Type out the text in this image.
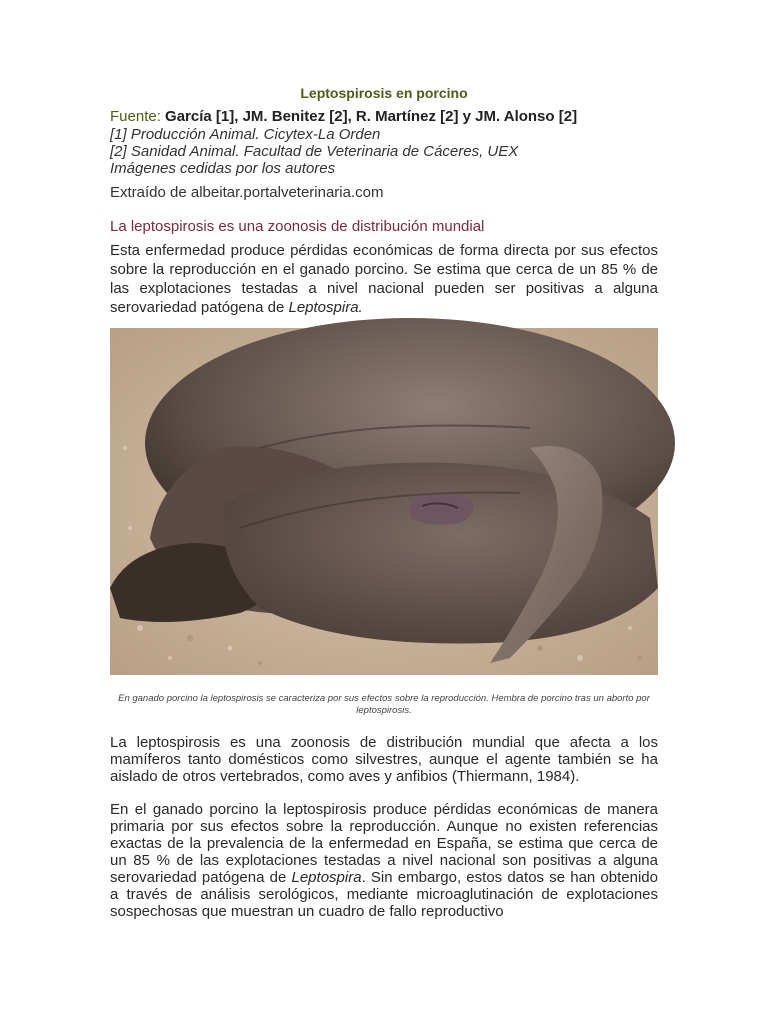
Leptospirosis en porcino

Fuente: García [1], JM. Benitez [2], R. Martínez [2] y JM. Alonso [2]

[1] Producción Animal. Cicytex-La Orden

[2] Sanidad Animal. Facultad de Veterinaria de Cáceres, UEX

Imágenes cedidas por los autores

Extraído de albeitar.portalveterinaria.com

La leptospirosis es una zoonosis de distribución mundial

Esta enfermedad produce pérdidas económicas de forma directa por sus efectos sobre la reproducción en el ganado porcino. Se estima que cerca de un 85 % de las explotaciones testadas a nivel nacional pueden ser positivas a alguna serovariedad patógena de Leptospira.

En ganado porcino la leptospirosis se caracteriza por sus efectos sobre la reproducción. Hembra de porcino tras un aborto por leptospirosis.

La leptospirosis es una zoonosis de distribución mundial que afecta a los mamíferos tanto domésticos como silvestres, aunque el agente también se ha aislado de otros vertebrados, como aves y anfibios (Thiermann, 1984).

En el ganado porcino la leptospirosis produce pérdidas económicas de manera primaria por sus efectos sobre la reproducción. Aunque no existen referencias exactas de la prevalencia de la enfermedad en España, se estima que cerca de un 85 % de las explotaciones testadas a nivel nacional son positivas a alguna serovariedad patógena de Leptospira. Sin embargo, estos datos se han obtenido a través de análisis serológicos, mediante microaglutinación de explotaciones sospechosas que muestran un cuadro de fallo reproductivo
